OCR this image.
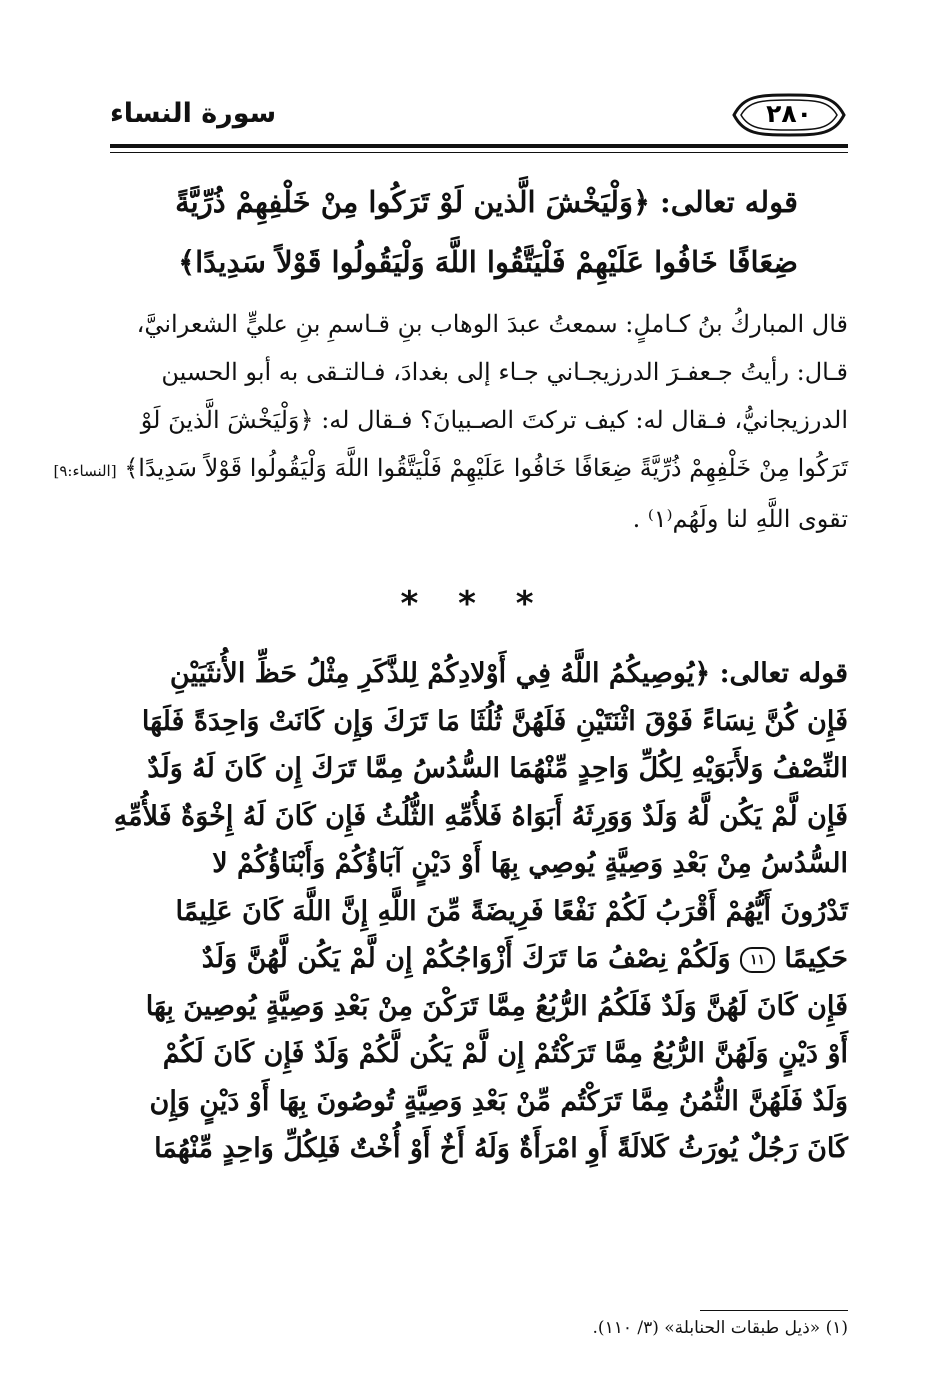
سورة النساء	٢٨٠
قوله تعالى: ﴿وَلْيَخْشَ الَّذين لَوْ تَرَكُوا مِنْ خَلْفِهِمْ ذُرِّيَّةً
ضِعَافًا خَافُوا عَلَيْهِمْ فَلْيَتَّقُوا اللَّهَ وَلْيَقُولُوا قَوْلاً سَدِيدًا﴾
قال المباركُ بنُ كـاملٍ: سمعتُ عبدَ الوهاب بنِ قـاسمِ بنِ عليٍّ الشعرانيَّ،
قـال: رأيتُ جـعفـرَ الدرزيجـاني جـاء إلى بغدادَ، فـالتـقى به أبو الحسين
الدرزيجانيُّ، فـقال له: كيف تركتَ الصـبيانَ؟ فـقال له: ﴿وَلْيَخْشَ الَّذينَ لَوْ
تَرَكُوا مِنْ خَلْفِهِمْ ذُرِّيَّةً ضِعَافًا خَافُوا عَلَيْهِمْ فَلْيَتَّقُوا اللَّهَ وَلْيَقُولُوا قَوْلاً سَدِيدًا﴾ [النساء:٩]
تقوى اللَّهِ لنا ولَهُم⁽١⁾ .
* * *
قوله تعالى: ﴿يُوصِيكُمُ اللَّهُ فِي أَوْلادِكُمْ لِلذَّكَرِ مِثْلُ حَظِّ الأُنثَيَيْنِ
فَإِن كُنَّ نِسَاءً فَوْقَ اثْنَتَيْنِ فَلَهُنَّ ثُلُثَا مَا تَرَكَ وَإِن كَانَتْ وَاحِدَةً فَلَهَا
النِّصْفُ وَلأَبَوَيْهِ لِكُلِّ وَاحِدٍ مِّنْهُمَا السُّدُسُ مِمَّا تَرَكَ إِن كَانَ لَهُ وَلَدٌ
فَإِن لَّمْ يَكُن لَّهُ وَلَدٌ وَوَرِثَهُ أَبَوَاهُ فَلأُمِّهِ الثُّلُثُ فَإِن كَانَ لَهُ إِخْوَةٌ فَلأُمِّهِ
السُّدُسُ مِنْ بَعْدِ وَصِيَّةٍ يُوصِي بِهَا أَوْ دَيْنٍ آبَاؤُكُمْ وَأَبْنَاؤُكُمْ لا
تَدْرُونَ أَيُّهُمْ أَقْرَبُ لَكُمْ نَفْعًا فَرِيضَةً مِّنَ اللَّهِ إِنَّ اللَّهَ كَانَ عَلِيمًا
حَكِيمًا ١١ وَلَكُمْ نِصْفُ مَا تَرَكَ أَزْوَاجُكُمْ إِن لَّمْ يَكُن لَّهُنَّ وَلَدٌ
فَإِن كَانَ لَهُنَّ وَلَدٌ فَلَكُمُ الرُّبُعُ مِمَّا تَرَكْنَ مِنْ بَعْدِ وَصِيَّةٍ يُوصِينَ بِهَا
أَوْ دَيْنٍ وَلَهُنَّ الرُّبُعُ مِمَّا تَرَكْتُمْ إِن لَّمْ يَكُن لَّكُمْ وَلَدٌ فَإِن كَانَ لَكُمْ
وَلَدٌ فَلَهُنَّ الثُّمُنُ مِمَّا تَرَكْتُم مِّنْ بَعْدِ وَصِيَّةٍ تُوصُونَ بِهَا أَوْ دَيْنٍ وَإِن
كَانَ رَجُلٌ يُورَثُ كَلالَةً أَوِ امْرَأَةٌ وَلَهُ أَخٌ أَوْ أُخْتٌ فَلِكُلِّ وَاحِدٍ مِّنْهُمَا
(١) «ذيل طبقات الحنابلة» (٣/ ١١٠).
